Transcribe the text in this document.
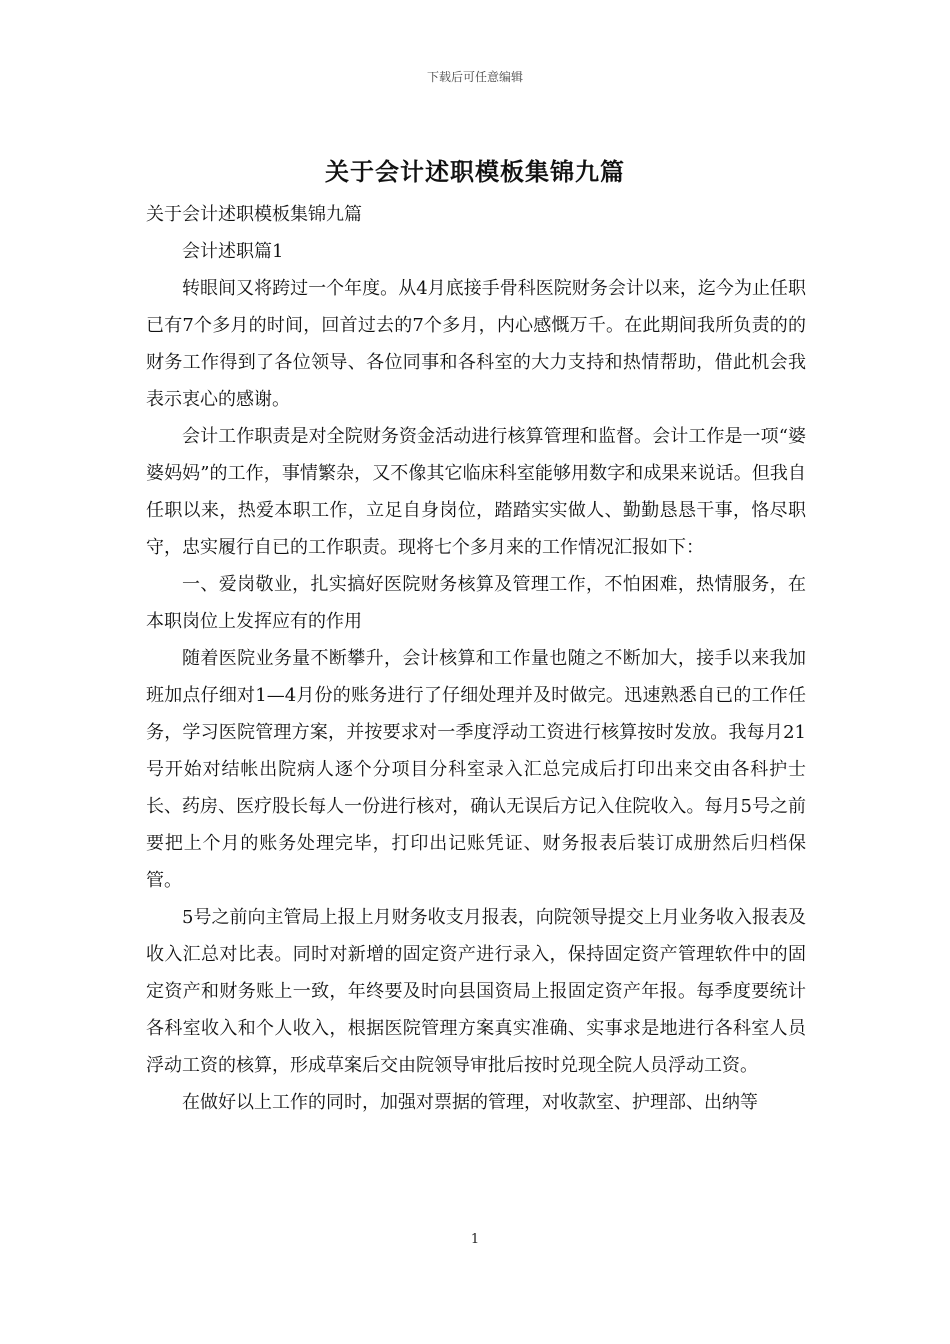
下载后可任意编辑
关于会计述职模板集锦九篇

关于会计述职模板集锦九篇

会计述职篇1

转眼间又将跨过一个年度。从4月底接手骨科医院财务会计以来，迄今为止任职已有7个多月的时间，回首过去的7个多月，内心感慨万千。在此期间我所负责的的财务工作得到了各位领导、各位同事和各科室的大力支持和热情帮助，借此机会我表示衷心的感谢。

会计工作职责是对全院财务资金活动进行核算管理和监督。会计工作是一项“婆婆妈妈”的工作，事情繁杂，又不像其它临床科室能够用数字和成果来说话。但我自任职以来，热爱本职工作，立足自身岗位，踏踏实实做人、勤勤恳恳干事，恪尽职守，忠实履行自已的工作职责。现将七个多月来的工作情况汇报如下：

一、爱岗敬业，扎实搞好医院财务核算及管理工作，不怕困难，热情服务，在本职岗位上发挥应有的作用

随着医院业务量不断攀升，会计核算和工作量也随之不断加大，接手以来我加班加点仔细对1—4月份的账务进行了仔细处理并及时做完。迅速熟悉自已的工作任务，学习医院管理方案，并按要求对一季度浮动工资进行核算按时发放。我每月21号开始对结帐出院病人逐个分项目分科室录入汇总完成后打印出来交由各科护士长、药房、医疗股长每人一份进行核对，确认无误后方记入住院收入。每月5号之前要把上个月的账务处理完毕，打印出记账凭证、财务报表后装订成册然后归档保管。

5号之前向主管局上报上月财务收支月报表，向院领导提交上月业务收入报表及收入汇总对比表。同时对新增的固定资产进行录入，保持固定资产管理软件中的固定资产和财务账上一致，年终要及时向县国资局上报固定资产年报。每季度要统计各科室收入和个人收入，根据医院管理方案真实准确、实事求是地进行各科室人员浮动工资的核算，形成草案后交由院领导审批后按时兑现全院人员浮动工资。

在做好以上工作的同时，加强对票据的管理，对收款室、护理部、出纳等

1
